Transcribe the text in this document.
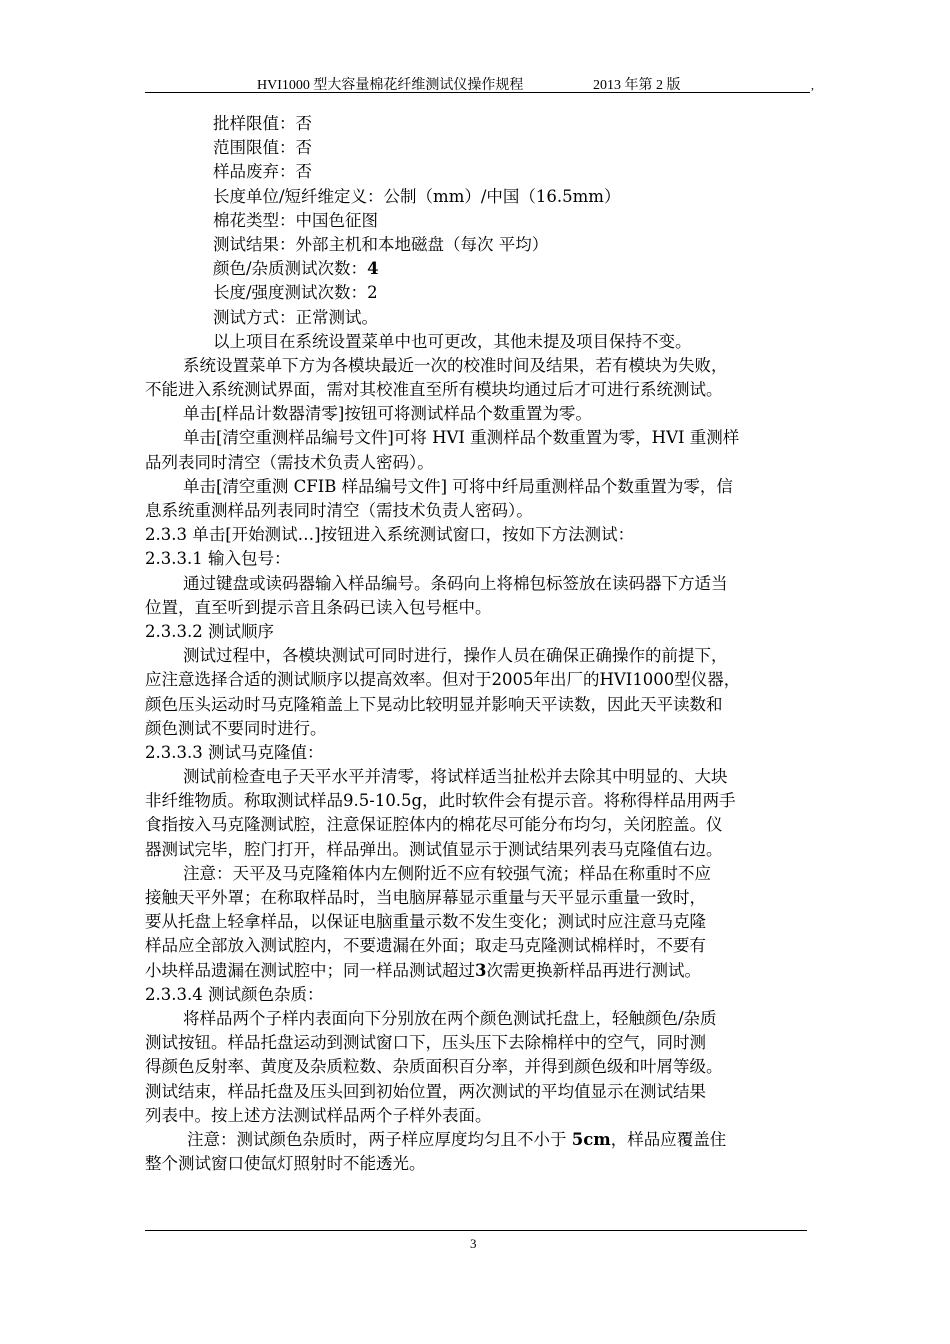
HVI1000 型大容量棉花纤维测试仪操作规程	2013 年第 2 版	,
批样限值：否
范围限值：否
样品废弃：否
长度单位/短纤维定义：公制（mm）/中国（16.5mm）
棉花类型：中国色征图
测试结果：外部主机和本地磁盘（每次 平均）
颜色/杂质测试次数：4
长度/强度测试次数：2
测试方式：正常测试。
以上项目在系统设置菜单中也可更改，其他未提及项目保持不变。
系统设置菜单下方为各模块最近一次的校准时间及结果，若有模块为失败，
不能进入系统测试界面，需对其校准直至所有模块均通过后才可进行系统测试。
单击[样品计数器清零]按钮可将测试样品个数重置为零。
单击[清空重测样品编号文件]可将 HVI 重测样品个数重置为零，HVI 重测样
品列表同时清空（需技术负责人密码）。
单击[清空重测 CFIB 样品编号文件] 可将中纤局重测样品个数重置为零，信
息系统重测样品列表同时清空（需技术负责人密码）。
2.3.3 单击[开始测试…]按钮进入系统测试窗口，按如下方法测试：
2.3.3.1 输入包号：
通过键盘或读码器输入样品编号。条码向上将棉包标签放在读码器下方适当
位置，直至听到提示音且条码已读入包号框中。
2.3.3.2 测试顺序
测试过程中，各模块测试可同时进行，操作人员在确保正确操作的前提下，
应注意选择合适的测试顺序以提高效率。但对于2005年出厂的HVI1000型仪器，
颜色压头运动时马克隆箱盖上下晃动比较明显并影响天平读数，因此天平读数和
颜色测试不要同时进行。
2.3.3.3 测试马克隆值：
测试前检查电子天平水平并清零，将试样适当扯松并去除其中明显的、大块
非纤维物质。称取测试样品9.5-10.5g，此时软件会有提示音。将称得样品用两手
食指按入马克隆测试腔，注意保证腔体内的棉花尽可能分布均匀，关闭腔盖。仪
器测试完毕，腔门打开，样品弹出。测试值显示于测试结果列表马克隆值右边。
注意：天平及马克隆箱体内左侧附近不应有较强气流；样品在称重时不应
接触天平外罩；在称取样品时，当电脑屏幕显示重量与天平显示重量一致时，
要从托盘上轻拿样品，以保证电脑重量示数不发生变化；测试时应注意马克隆
样品应全部放入测试腔内，不要遗漏在外面；取走马克隆测试棉样时，不要有
小块样品遗漏在测试腔中；同一样品测试超过3次需更换新样品再进行测试。
2.3.3.4 测试颜色杂质：
将样品两个子样内表面向下分别放在两个颜色测试托盘上，轻触颜色/杂质
测试按钮。样品托盘运动到测试窗口下，压头压下去除棉样中的空气，同时测
得颜色反射率、黄度及杂质粒数、杂质面积百分率，并得到颜色级和叶屑等级。
测试结束，样品托盘及压头回到初始位置，两次测试的平均值显示在测试结果
列表中。按上述方法测试样品两个子样外表面。
注意：测试颜色杂质时，两子样应厚度均匀且不小于 5cm，样品应覆盖住
整个测试窗口使氙灯照射时不能透光。
3
